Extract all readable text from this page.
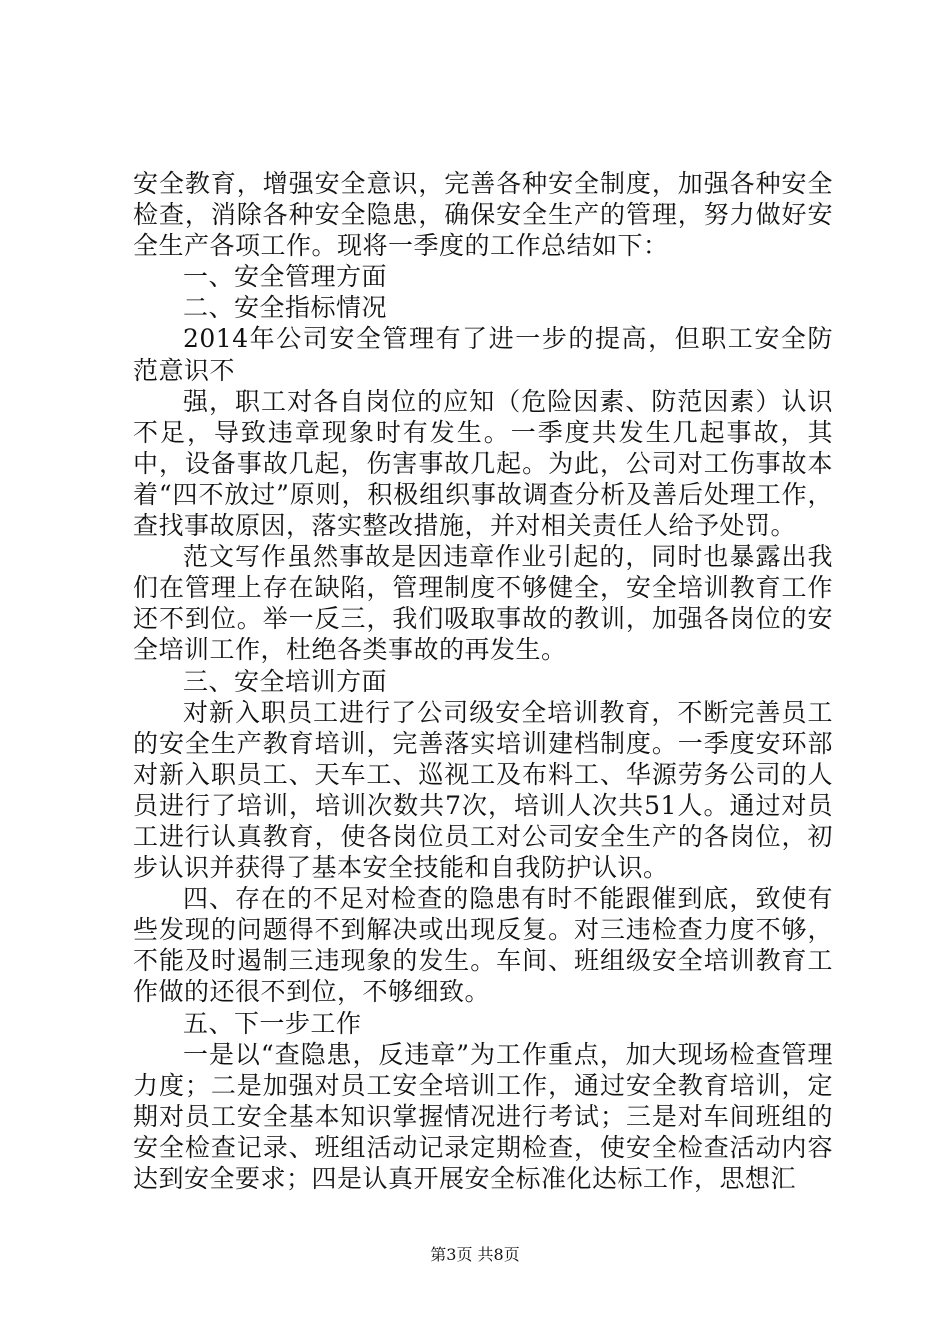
安全教育，增强安全意识，完善各种安全制度，加强各种安全检查，消除各种安全隐患，确保安全生产的管理，努力做好安全生产各项工作。现将一季度的工作总结如下：

一、安全管理方面

二、安全指标情况

2014年公司安全管理有了进一步的提高，但职工安全防范意识不

强，职工对各自岗位的应知（危险因素、防范因素）认识不足，导致违章现象时有发生。一季度共发生几起事故，其中，设备事故几起，伤害事故几起。为此，公司对工伤事故本着“四不放过”原则，积极组织事故调查分析及善后处理工作，查找事故原因，落实整改措施，并对相关责任人给予处罚。

范文写作虽然事故是因违章作业引起的，同时也暴露出我们在管理上存在缺陷，管理制度不够健全，安全培训教育工作还不到位。举一反三，我们吸取事故的教训，加强各岗位的安全培训工作，杜绝各类事故的再发生。

三、安全培训方面

对新入职员工进行了公司级安全培训教育，不断完善员工的安全生产教育培训，完善落实培训建档制度。一季度安环部对新入职员工、天车工、巡视工及布料工、华源劳务公司的人员进行了培训，培训次数共7次，培训人次共51人。通过对员工进行认真教育，使各岗位员工对公司安全生产的各岗位，初步认识并获得了基本安全技能和自我防护认识。

四、存在的不足对检查的隐患有时不能跟催到底，致使有些发现的问题得不到解决或出现反复。对三违检查力度不够，不能及时遏制三违现象的发生。车间、班组级安全培训教育工作做的还很不到位，不够细致。

五、下一步工作

一是以“查隐患，反违章”为工作重点，加大现场检查管理力度；二是加强对员工安全培训工作，通过安全教育培训，定期对员工安全基本知识掌握情况进行考试；三是对车间班组的安全检查记录、班组活动记录定期检查，使安全检查活动内容达到安全要求；四是认真开展安全标准化达标工作，思想汇

第3页 共8页
